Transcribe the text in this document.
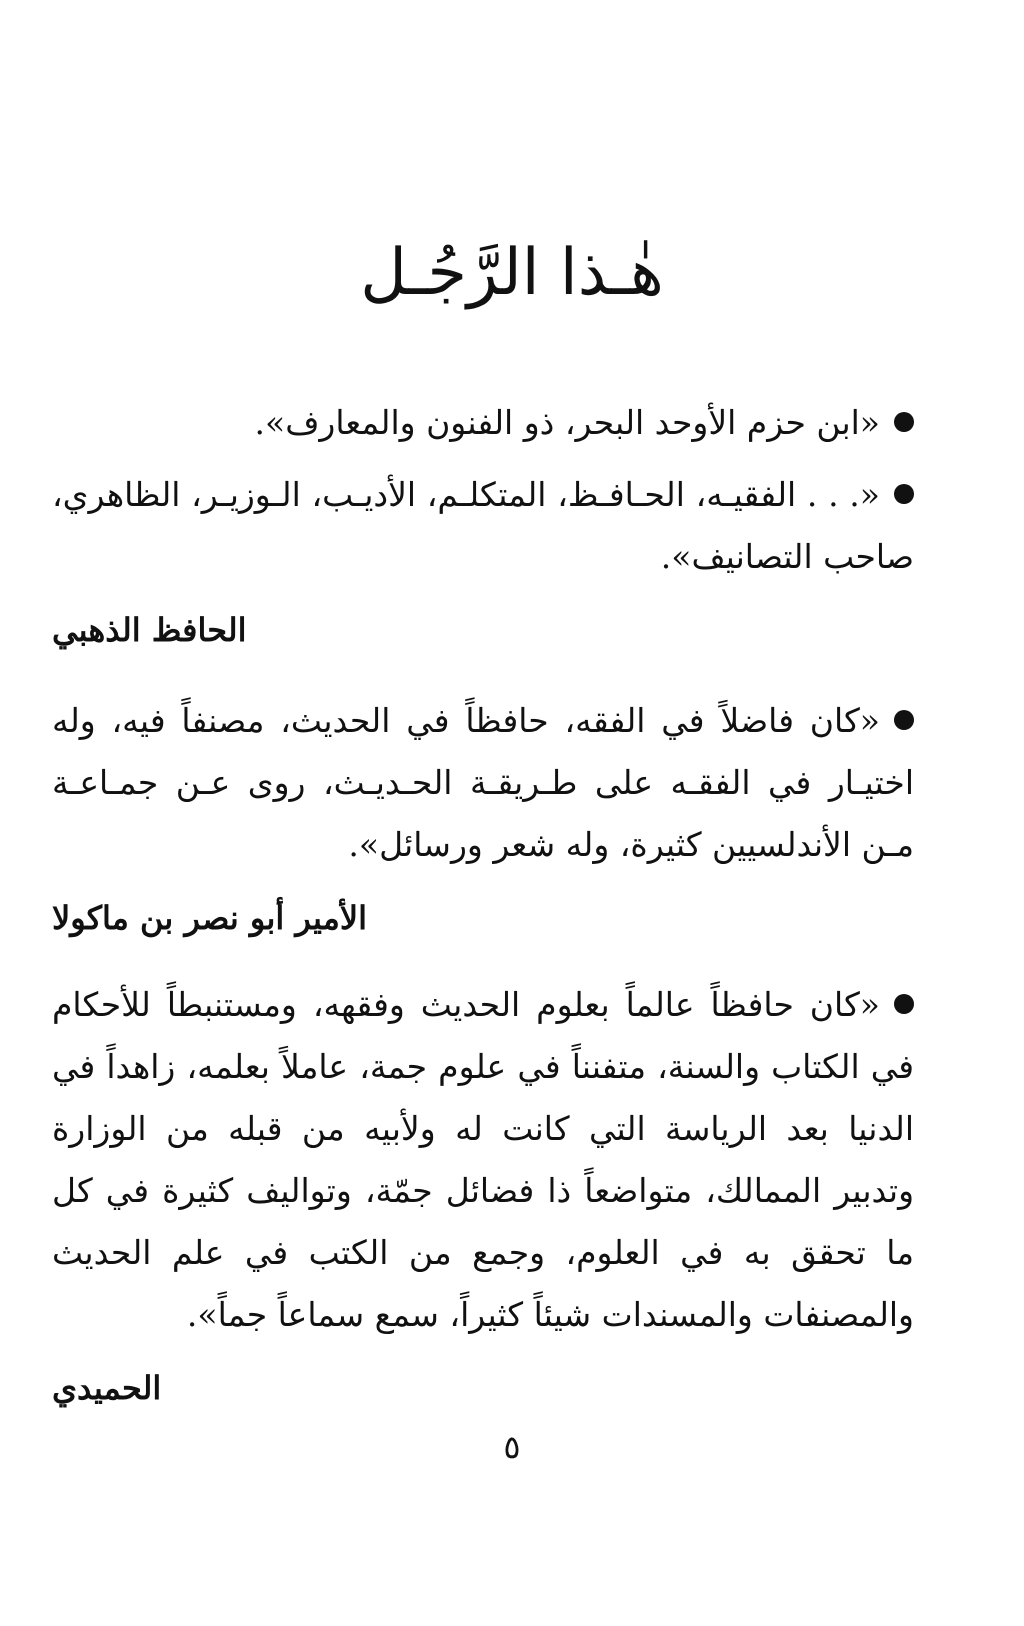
هٰـذا الرَّجُـل

«ابن حزم الأوحد البحر، ذو الفنون والمعارف».

«. . . الفقيـه، الحـافـظ، المتكلـم، الأديـب، الـوزيـر، الظاهري، صاحب التصانيف».

الحافظ الذهبي

«كان فاضلاً في الفقه، حافظاً في الحديث، مصنفاً فيه، وله اختيـار في الفقـه على طـريقـة الحـديـث، روى عـن جمـاعـة مـن الأندلسيين كثيرة، وله شعر ورسائل».

الأمير أبو نصر بن ماكولا

«كان حافظاً عالماً بعلوم الحديث وفقهه، ومستنبطاً للأحكام في الكتاب والسنة، متفنناً في علوم جمة، عاملاً بعلمه، زاهداً في الدنيا بعد الرياسة التي كانت له ولأبيه من قبله من الوزارة وتدبير الممالك، متواضعاً ذا فضائل جمّة، وتواليف كثيرة في كل ما تحقق به في العلوم، وجمع من الكتب في علم الحديث والمصنفات والمسندات شيئاً كثيراً، سمع سماعاً جماً».

الحميدي

٥
